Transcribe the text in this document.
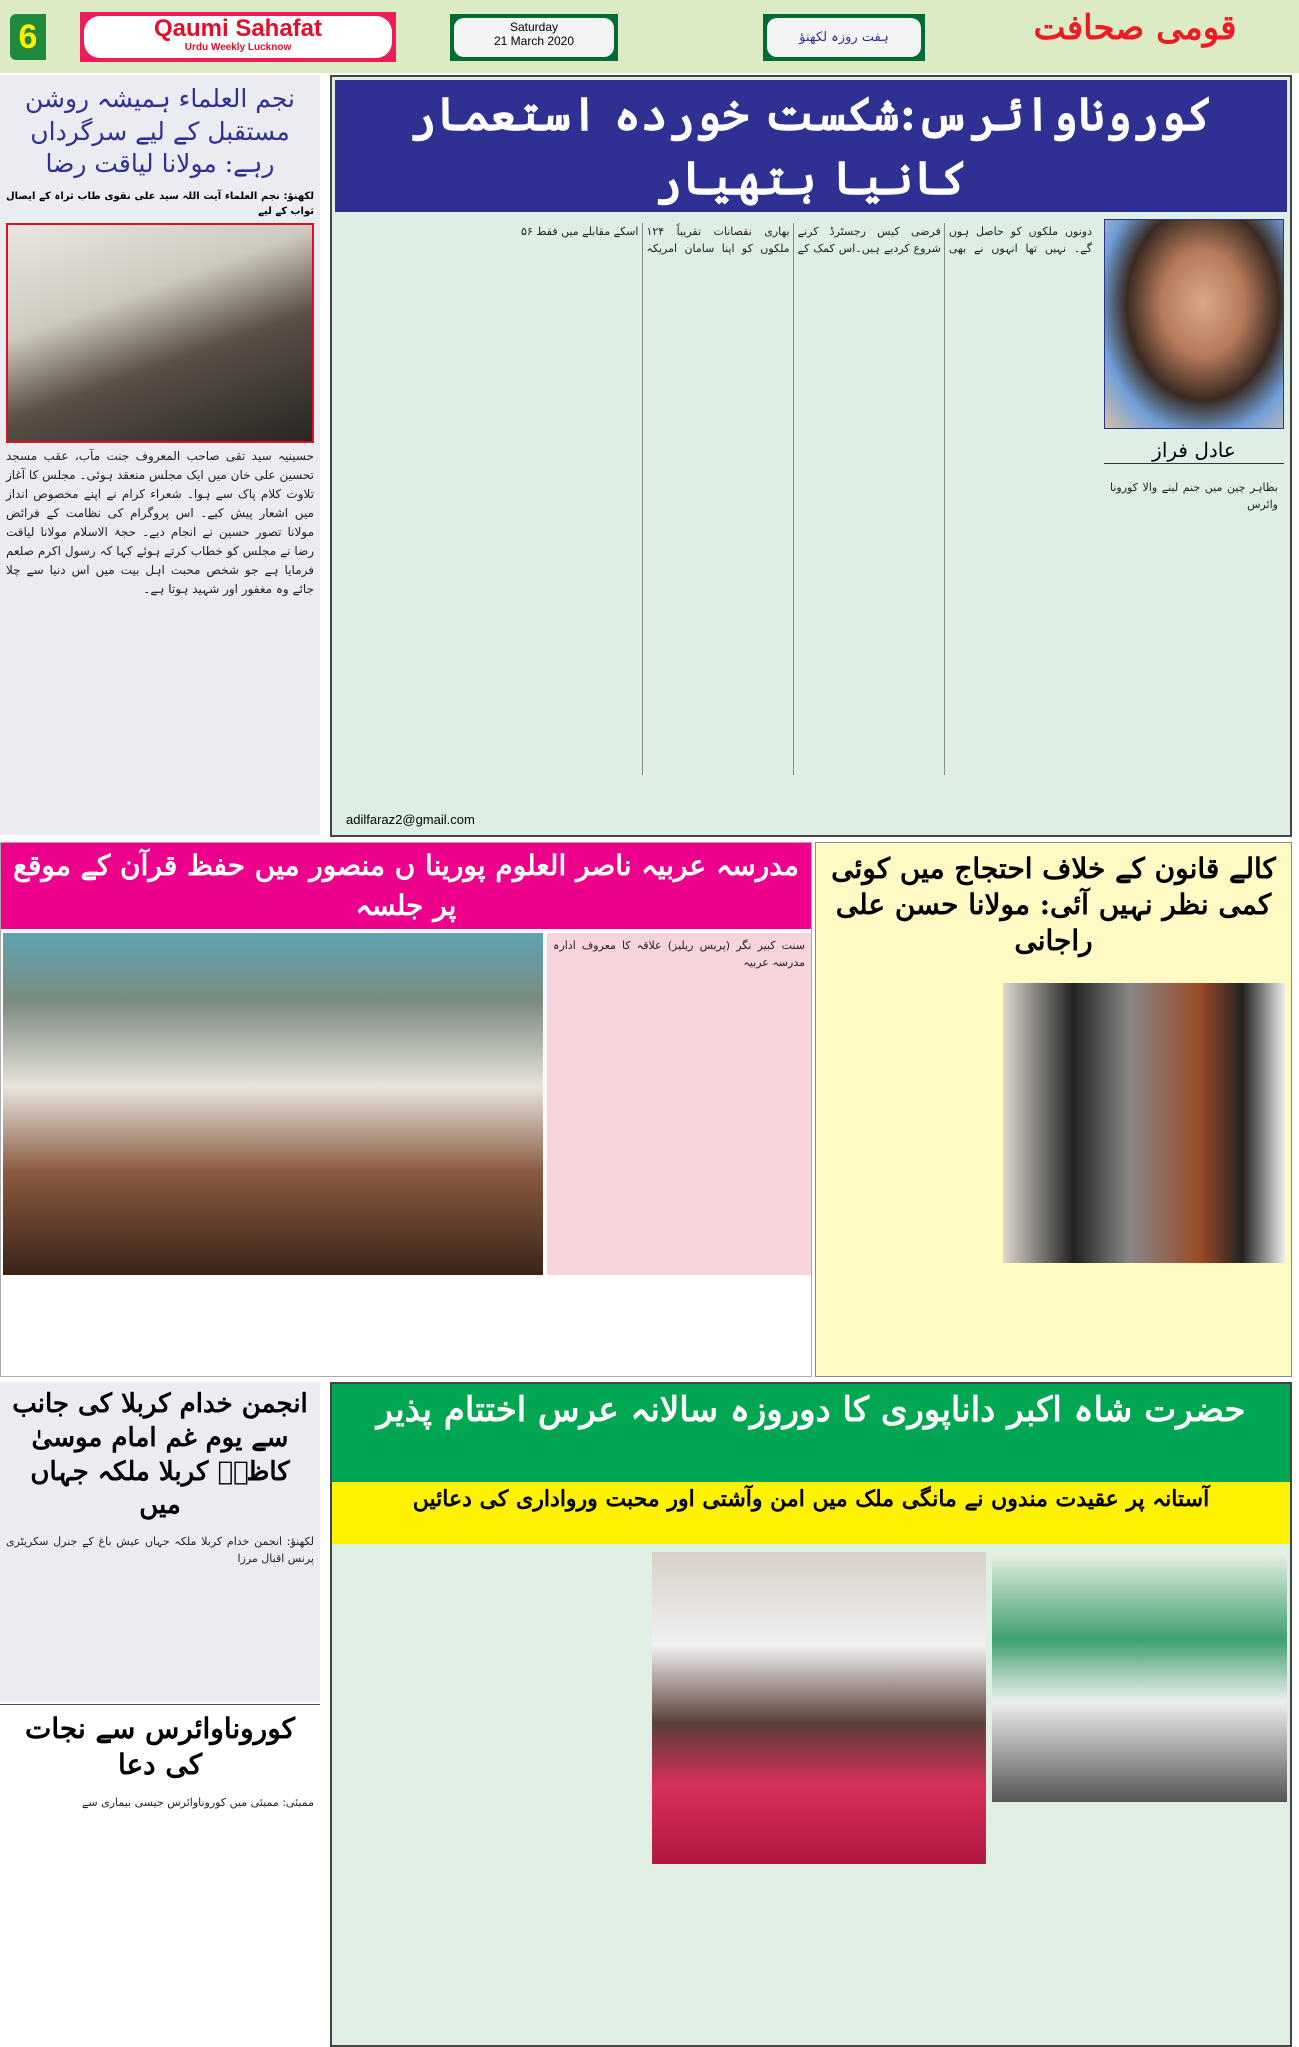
6	Qaumi Sahafat
Urdu Weekly Lucknow
Saturday
21 March 2020	ہفت روزہ لکھنؤ	قومی صحافت
نجم العلماء ہمیشہ روشن مستقبل کے لیے سرگرداں رہے: مولانا لیاقت رضا
لکھنؤ: نجم العلماء آیت اللہ سید علی نقوی طاب ثراہ کے ایصال ثواب کے لیے
حسینیہ سید تقی صاحب المعروف جنت مآب، عقب مسجد تحسین علی خان میں ایک مجلس منعقد ہوئی۔ مجلس کا آغاز تلاوت کلام پاک سے ہوا۔ شعراء کرام نے اپنے مخصوص انداز میں اشعار پیش کیے۔ اس پروگرام کی نظامت کے فرائض مولانا تصور حسین نے انجام دیے۔ حجۃ الاسلام مولانا لیاقت رضا نے مجلس کو خطاب کرتے ہوئے کہا کہ رسول اکرم صلعم فرمایا ہے جو شخص محبت اہل بیت میں اس دنیا سے چلا جائے وہ مغفور اور شہید ہوتا ہے۔
کوروناوائرس:شکست خوردہ استعمار کانیا ہتھیار
عادل فراز
بظاہر چین میں جنم لینے والا کورونا وائرس
دونوں ملکوں کو حاصل ہوں گے۔ نہیں تھا انہوں نے بھی فرضی کیس رجسٹرڈ کرنے شروع کردیے ہیں۔اس کمک کے بھاری نقصانات تقریباً ۱۲۴ ملکوں کو اپنا سامان امریکہ اسکے مقابلے میں فقط ۵۶
adilfaraz2@gmail.com
مدرسہ عربیہ ناصر العلوم پورینا ں منصور میں حفظ قرآن کے موقع پر جلسہ
سنت کبیر نگر (پریس ریلیز) علاقہ کا معروف ادارہ مدرسہ عربیہ
کالے قانون کے خلاف احتجاج میں کوئی کمی نظر نہیں آئی: مولانا حسن علی راجانی
انجمن خدام کربلا کی جانب سے یوم غم امام موسیٰ کاظمؑ کربلا ملکہ جہاں میں
لکھنؤ: انجمن خدام کربلا ملکہ جہاں عیش باغ کے جنرل سکریٹری پرنس اقبال مرزا
کوروناوائرس سے نجات کی دعا
ممبئی: ممبئی میں کوروناوائرس جیسی بیماری سے
حضرت شاہ اکبر داناپوری کا دوروزہ سالانہ عرس اختتام پذیر
آستانہ پر عقیدت مندوں نے مانگی ملک میں امن وآشتی اور محبت ورواداری کی دعائیں
